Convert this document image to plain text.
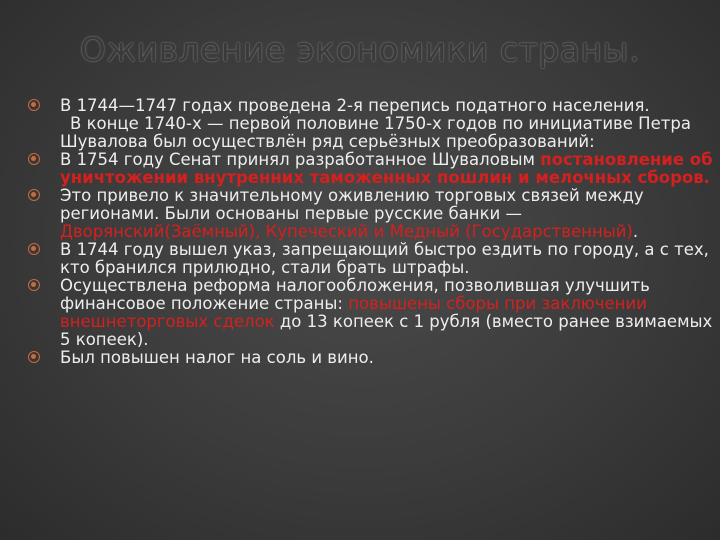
Оживление экономики страны.
В 1744—1747 годах проведена 2-я перепись податного населения.
В конце 1740-х — первой половине 1750-х годов по инициативе Петра Шувалова был осуществлён ряд серьёзных преобразований:
В 1754 году Сенат принял разработанное Шуваловым постановление об уничтожении внутренних таможенных пошлин и мелочных сборов.
Это привело к значительному оживлению торговых связей между регионами. Были основаны первые русские банки — Дворянский(Заёмный), Купеческий и Медный (Государственный).
В 1744 году вышел указ, запрещающий быстро ездить по городу, а с тех, кто бранился прилюдно, стали брать штрафы.
Осуществлена реформа налогообложения, позволившая улучшить финансовое положение страны: повышены сборы при заключении внешнеторговых сделок до 13 копеек с 1 рубля (вместо ранее взимаемых 5 копеек).
Был повышен налог на соль и вино.
